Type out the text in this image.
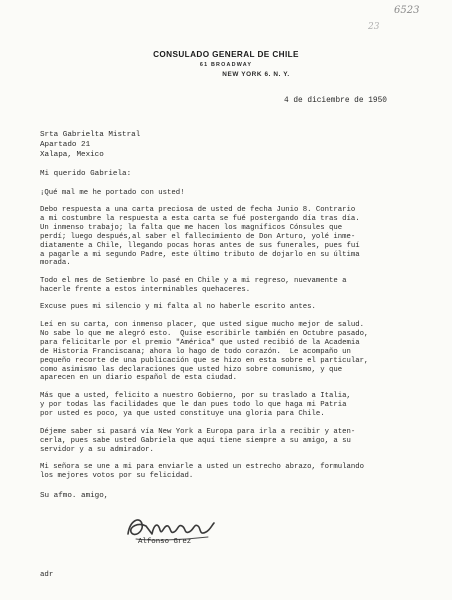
6523
23
CONSULADO GENERAL DE CHILE
61 BROADWAY
NEW YORK 6. N. Y.
4 de diciembre de 1950
Srta Gabrielta Mistral
Apartado 21
Xalapa, Mexico
Mi querido Gabriela:
¡Qué mal me he portado con usted!
Debo respuesta a una carta preciosa de usted de fecha Junio 8. Contrario
a mi costumbre la respuesta a esta carta se fué postergando día tras día.
Un inmenso trabajo; la falta que me hacen los magníficos Cónsules que
perdí; luego después,al saber el fallecimiento de Don Arturo, yolé inme-
diatamente a Chile, llegando pocas horas antes de sus funerales, pues fuí
a pagarle a mi segundo Padre, este último tributo de dojarlo en su última
morada.
Todo el mes de Setiembre lo pasé en Chile y a mi regreso, nuevamente a
hacerle frente a estos interminables quehaceres.
Excuse pues mi silencio y mi falta al no haberle escrito antes.
Leí en su carta, con inmenso placer, que usted sigue mucho mejor de salud.
No sabe lo que me alegró esto.  Quise escribirle también en Octubre pasado,
para felicitarle por el premio "América" que usted recibió de la Academia
de Historia Franciscana; ahora lo hago de todo corazón.  Le acompaño un
pequeño recorte de una publicación que se hizo en esta sobre el particular,
como asimismo las declaraciones que usted hizo sobre comunismo, y que
aparecen en un diario español de esta ciudad.
Más que a usted, felicito a nuestro Gobierno, por su traslado a Italia,
y por todas las facilidades que le dan pues todo lo que haga mi Patria
por usted es poco, ya que usted constituye una gloria para Chile.
Déjeme saber si pasará vía New York a Europa para irla a recibir y aten-
cerla, pues sabe usted Gabriela que aquí tiene siempre a su amigo, a su
servidor y a su admirador.
Mi señora se une a mi para enviarle a usted un estrecho abrazo, formulando
los mejores votos por su felicidad.
Su afmo. amigo,
Alfonso Grez
adr
